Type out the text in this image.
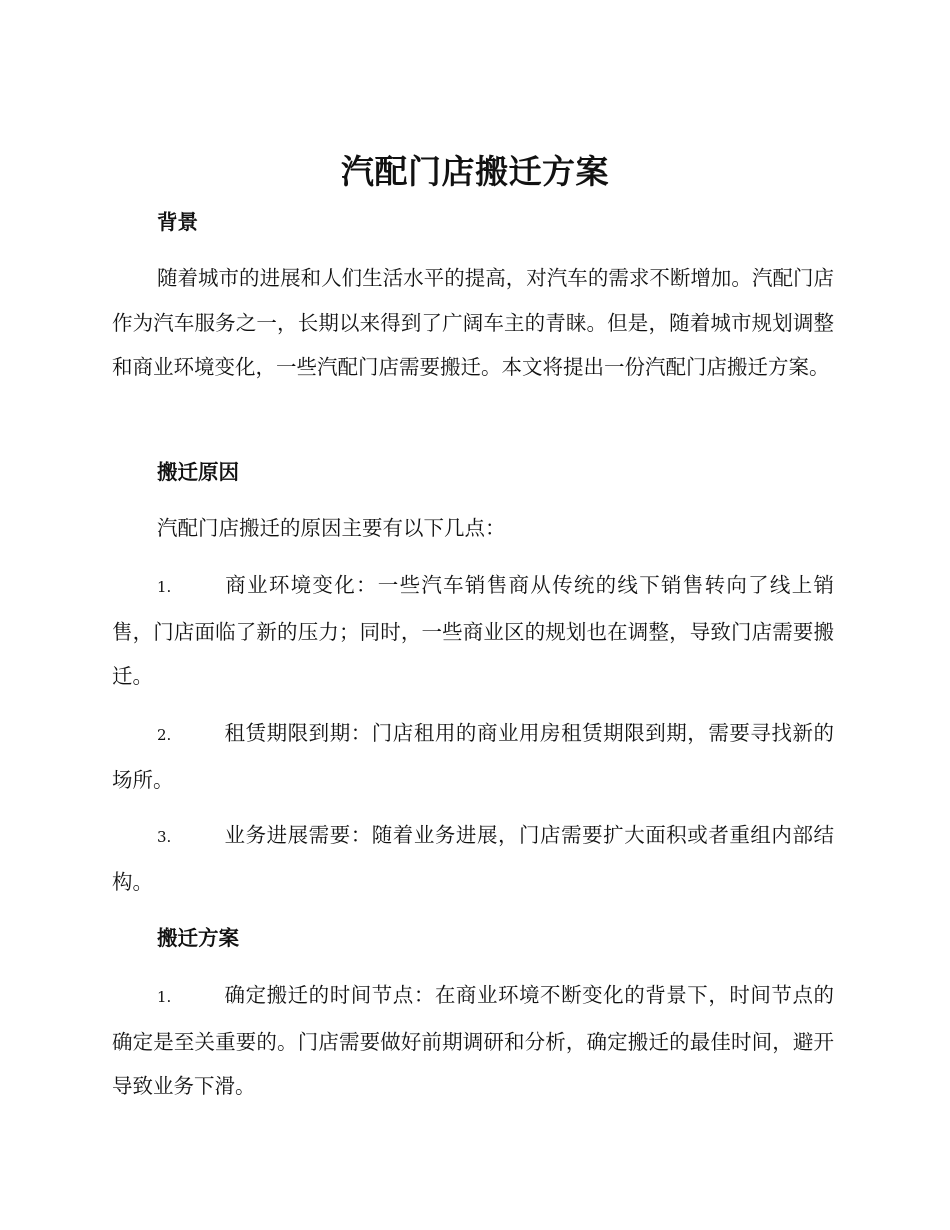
汽配门店搬迁方案
背景

随着城市的进展和人们生活水平的提高，对汽车的需求不断增加。汽配门店作为汽车服务之一，长期以来得到了广阔车主的青睐。但是，随着城市规划调整和商业环境变化，一些汽配门店需要搬迁。本文将提出一份汽配门店搬迁方案。

搬迁原因

汽配门店搬迁的原因主要有以下几点：

1.	商业环境变化：一些汽车销售商从传统的线下销售转向了线上销售，门店面临了新的压力；同时，一些商业区的规划也在调整，导致门店需要搬迁。

2.	租赁期限到期：门店租用的商业用房租赁期限到期，需要寻找新的场所。

3.	业务进展需要：随着业务进展，门店需要扩大面积或者重组内部结构。

搬迁方案

1.	确定搬迁的时间节点：在商业环境不断变化的背景下，时间节点的确定是至关重要的。门店需要做好前期调研和分析，确定搬迁的最佳时间，避开导致业务下滑。
